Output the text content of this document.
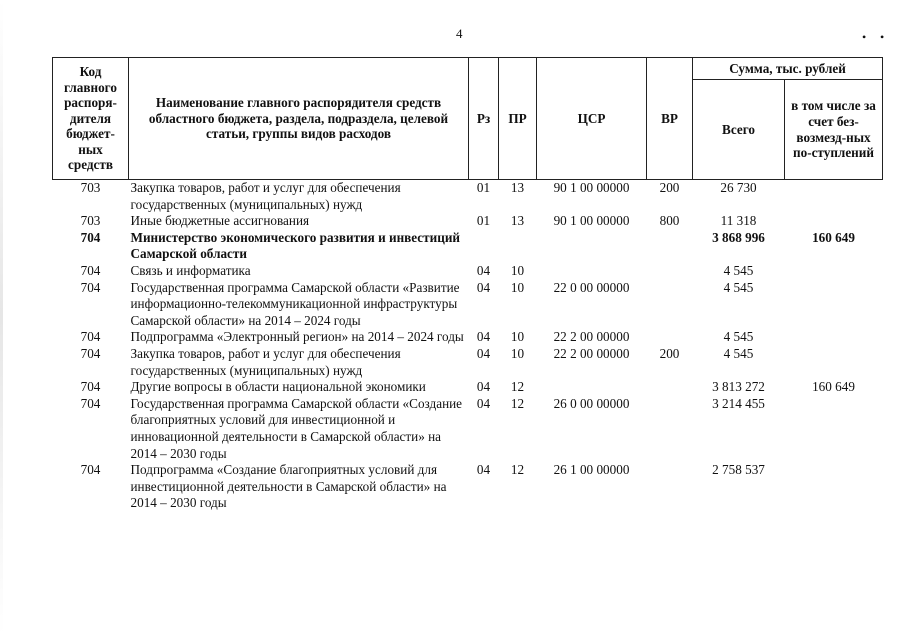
4	• •
Код главного распоря-дителя бюджет-ных средств	Наименование главного распорядителя средств областного бюджета, раздела, подраздела, целевой статьи, группы видов расходов	Рз	ПР	ЦСР	ВР	Сумма, тыс. рублей	
						Всего	в том числе за счет без-возмезд-ных по-ступлений
703	Закупка товаров, работ и услуг для обеспечения государственных (муниципальных) нужд	01	13	90 1 00 00000	200	26 730	
703	Иные бюджетные ассигнования	01	13	90 1 00 00000	800	11 318	
704	Министерство экономического развития и инвестиций Самарской области					3 868 996	160 649
704	Связь и информатика	04	10			4 545	
704	Государственная программа Самарской области «Развитие информационно-телекоммуникационной инфраструктуры Самарской области» на 2014 – 2024 годы	04	10	22 0 00 00000		4 545	
704	Подпрограмма «Электронный регион» на 2014 – 2024 годы	04	10	22 2 00 00000		4 545	
704	Закупка товаров, работ и услуг для обеспечения государственных (муниципальных) нужд	04	10	22 2 00 00000	200	4 545	
704	Другие вопросы в области национальной экономики	04	12			3 813 272	160 649
704	Государственная программа Самарской области «Создание благоприятных условий для инвестиционной и инновационной деятельности в Самарской области» на 2014 – 2030 годы	04	12	26 0 00 00000		3 214 455	
704	Подпрограмма «Создание благоприятных условий для инвестиционной деятельности в Самарской области» на 2014 – 2030 годы	04	12	26 1 00 00000		2 758 537	
